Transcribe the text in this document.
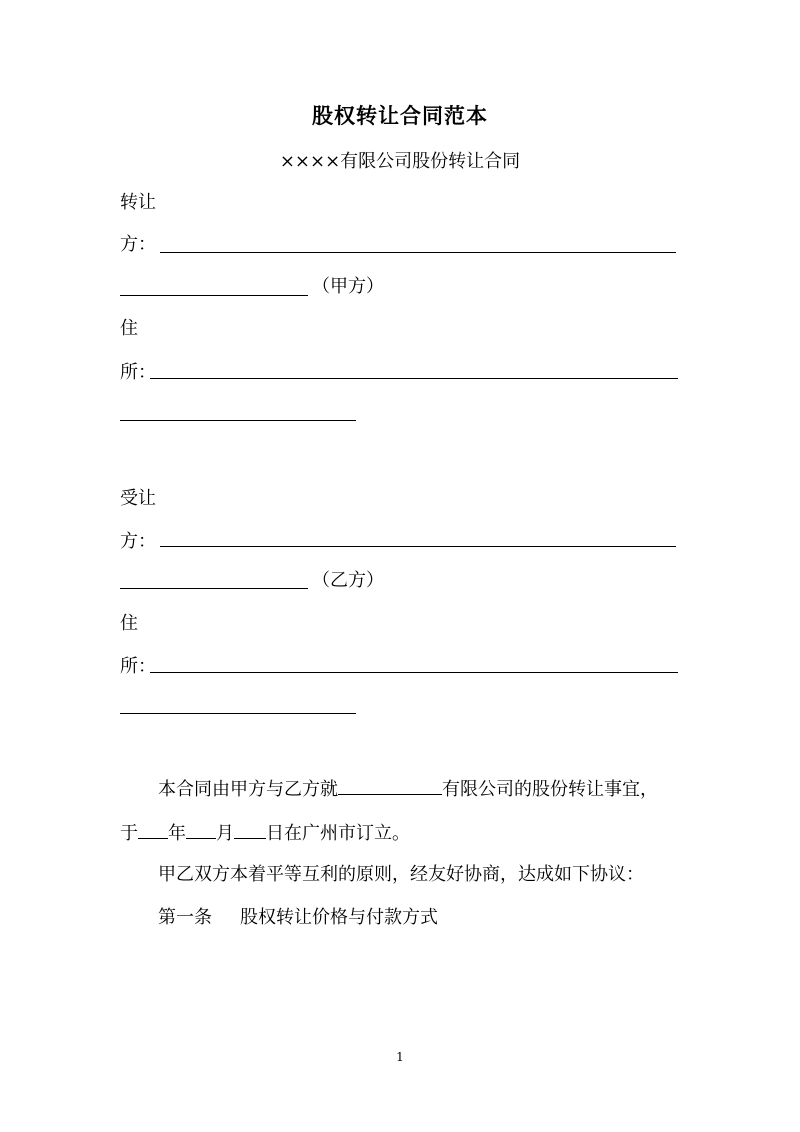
股权转让合同范本
××××有限公司股份转让合同
转让
方：
（甲方）
住
所：
受让
方：
（乙方）
住
所：
本合同由甲方与乙方就	有限公司的股份转让事宜，
于 年 月 日在广州市订立。
甲乙双方本着平等互利的原则，经友好协商，达成如下协议：
第一条 股权转让价格与付款方式
1
